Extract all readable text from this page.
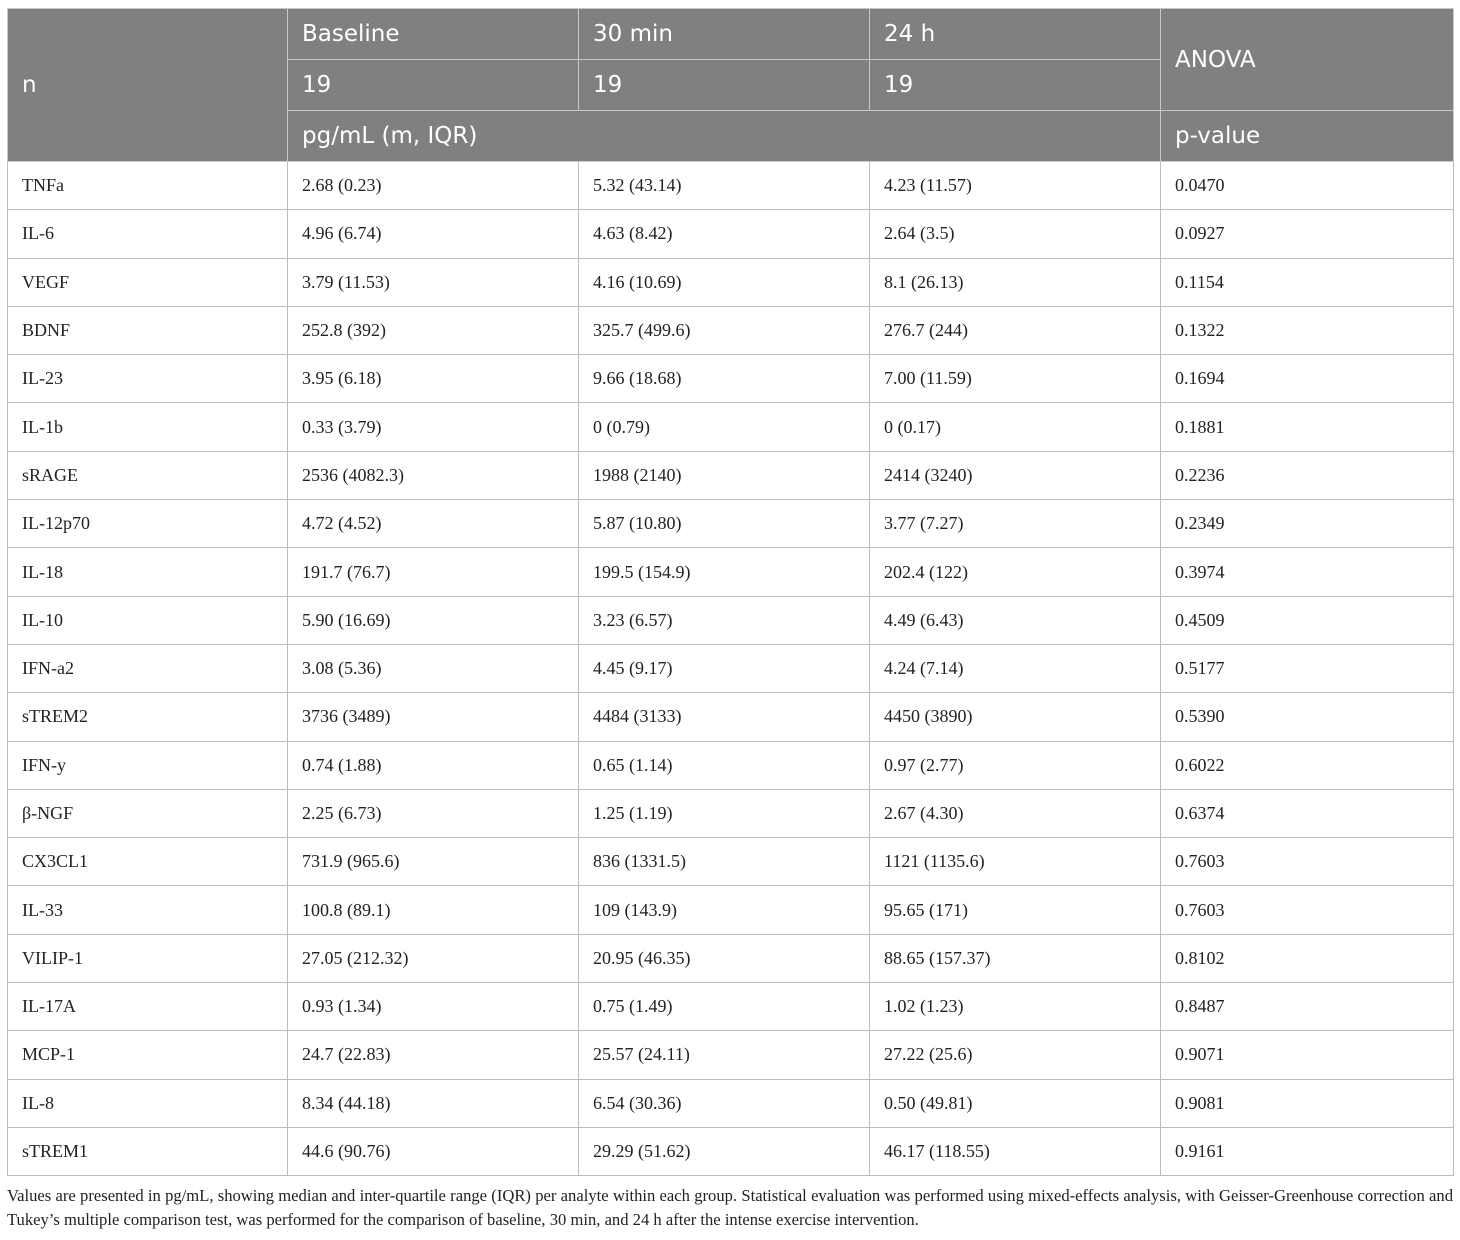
n	Baseline	30 min	24 h	ANOVA
	19	19	19	
	pg/mL (m, IQR)			p-value
TNFa	2.68 (0.23)	5.32 (43.14)	4.23 (11.57)	0.0470
IL-6	4.96 (6.74)	4.63 (8.42)	2.64 (3.5)	0.0927
VEGF	3.79 (11.53)	4.16 (10.69)	8.1 (26.13)	0.1154
BDNF	252.8 (392)	325.7 (499.6)	276.7 (244)	0.1322
IL-23	3.95 (6.18)	9.66 (18.68)	7.00 (11.59)	0.1694
IL-1b	0.33 (3.79)	0 (0.79)	0 (0.17)	0.1881
sRAGE	2536 (4082.3)	1988 (2140)	2414 (3240)	0.2236
IL-12p70	4.72 (4.52)	5.87 (10.80)	3.77 (7.27)	0.2349
IL-18	191.7 (76.7)	199.5 (154.9)	202.4 (122)	0.3974
IL-10	5.90 (16.69)	3.23 (6.57)	4.49 (6.43)	0.4509
IFN-a2	3.08 (5.36)	4.45 (9.17)	4.24 (7.14)	0.5177
sTREM2	3736 (3489)	4484 (3133)	4450 (3890)	0.5390
IFN-y	0.74 (1.88)	0.65 (1.14)	0.97 (2.77)	0.6022
β-NGF	2.25 (6.73)	1.25 (1.19)	2.67 (4.30)	0.6374
CX3CL1	731.9 (965.6)	836 (1331.5)	1121 (1135.6)	0.7603
IL-33	100.8 (89.1)	109 (143.9)	95.65 (171)	0.7603
VILIP-1	27.05 (212.32)	20.95 (46.35)	88.65 (157.37)	0.8102
IL-17A	0.93 (1.34)	0.75 (1.49)	1.02 (1.23)	0.8487
MCP-1	24.7 (22.83)	25.57 (24.11)	27.22 (25.6)	0.9071
IL-8	8.34 (44.18)	6.54 (30.36)	0.50 (49.81)	0.9081
sTREM1	44.6 (90.76)	29.29 (51.62)	46.17 (118.55)	0.9161
Values are presented in pg/mL, showing median and inter-quartile range (IQR) per analyte within each group. Statistical evaluation was performed using mixed-effects analysis, with Geisser-Greenhouse correction and Tukey’s multiple comparison test, was performed for the comparison of baseline, 30 min, and 24 h after the intense exercise intervention.
